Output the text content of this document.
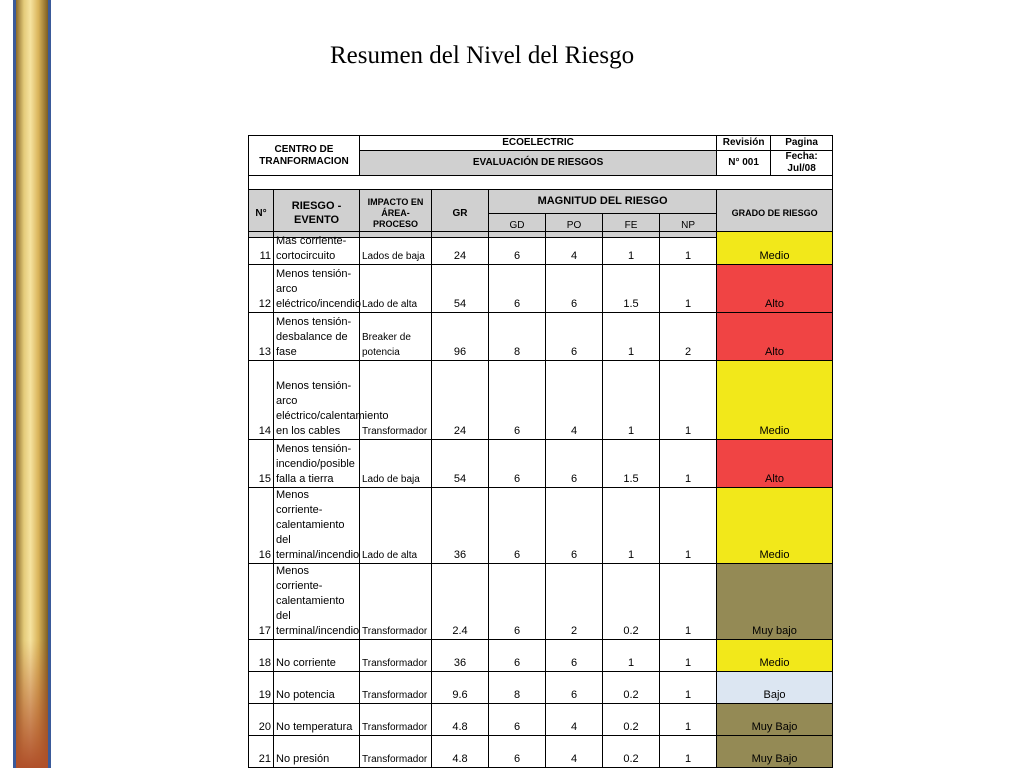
Resumen del Nivel del Riesgo
CENTRO DE TRANFORMACION		ECOELECTRIC						Revisión	Pagina
		EVALUACIÓN DE RIESGOS						N° 001	Fecha: Jul/08

N°	RIESGO - EVENTO	IMPACTO EN ÁREA-PROCESO	GR	MAGNITUD DEL RIESGO				GRADO DE RIESGO	
				GD	PO	FE	NP		
11	Mas corriente-cortocircuito	Lados de baja	24	6	4	1	1	Medio
12	Menos tensión-arco eléctrico/incendio	Lado de alta	54	6	6	1.5	1	Alto
13	Menos tensión-desbalance de fase	Breaker de potencia	96	8	6	1	2	Alto
14	Menos tensión-arco eléctrico/calentamiento en los cables	Transformador	24	6	4	1	1	Medio
15	Menos tensión-incendio/posible falla a tierra	Lado de baja	54	6	6	1.5	1	Alto
16	Menos corriente-calentamiento del terminal/incendio	Lado de alta	36	6	6	1	1	Medio
17	Menos corriente-calentamiento del terminal/incendio	Transformador	2.4	6	2	0.2	1	Muy bajo
18	No corriente	Transformador	36	6	6	1	1	Medio
19	No potencia	Transformador	9.6	8	6	0.2	1	Bajo
20	No temperatura	Transformador	4.8	6	4	0.2	1	Muy Bajo
21	No presión	Transformador	4.8	6	4	0.2	1	Muy Bajo
